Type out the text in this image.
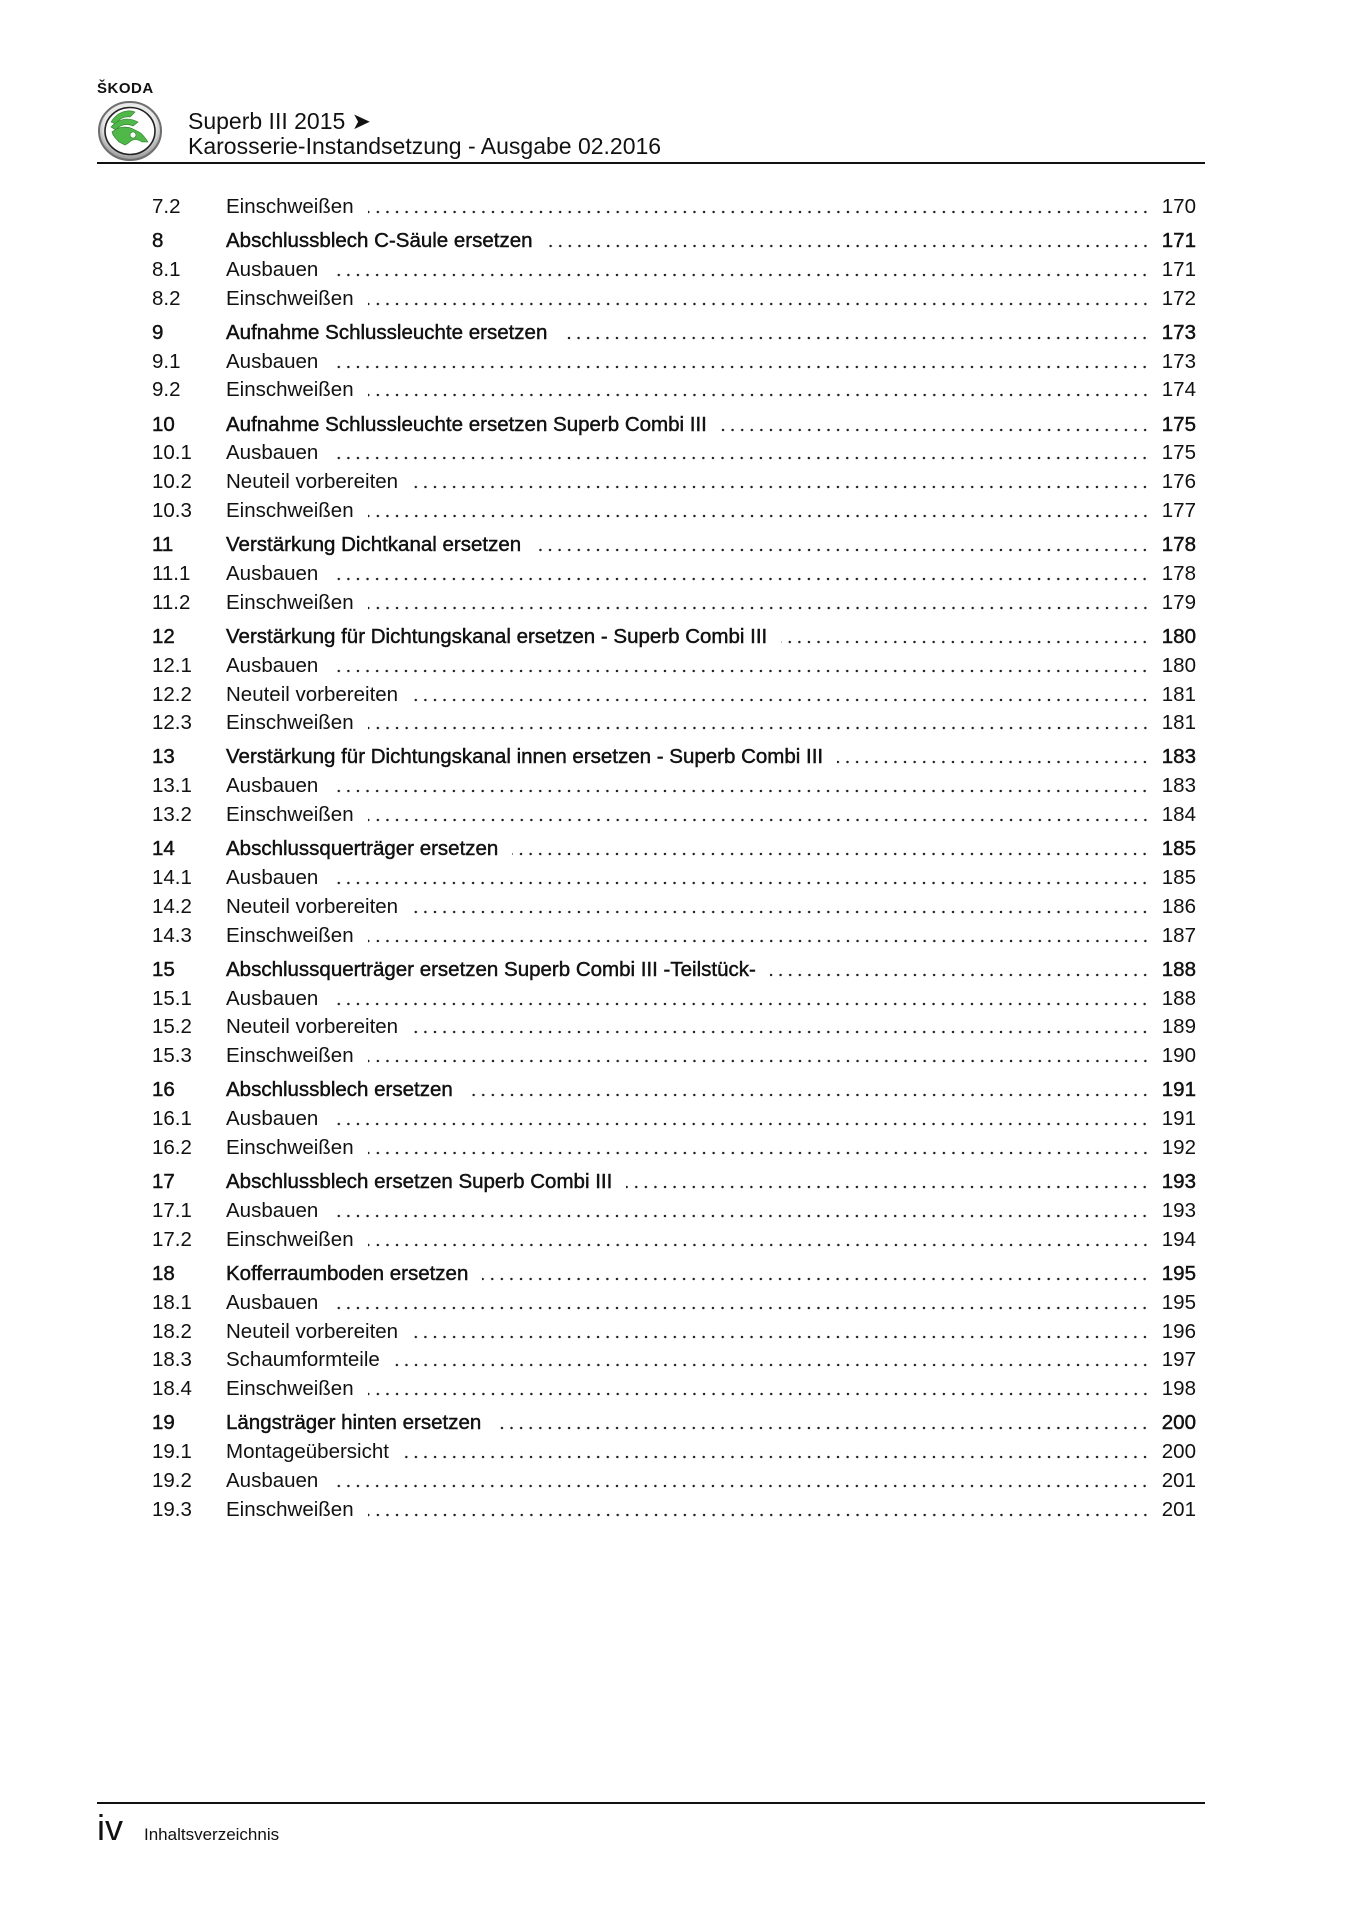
ŠKODA
Superb III 2015 ➤
Karosserie-Instandsetzung - Ausgabe 02.2016
7.2	Einschweißen	170
8	Abschlussblech C-Säule ersetzen	171
8.1	Ausbauen	171
8.2	Einschweißen	172
9	Aufnahme Schlussleuchte ersetzen	173
9.1	Ausbauen	173
9.2	Einschweißen	174
10	Aufnahme Schlussleuchte ersetzen Superb Combi III	175
10.1	Ausbauen	175
10.2	Neuteil vorbereiten	176
10.3	Einschweißen	177
11	Verstärkung Dichtkanal ersetzen	178
11.1	Ausbauen	178
11.2	Einschweißen	179
12	Verstärkung für Dichtungskanal ersetzen - Superb Combi III	180
12.1	Ausbauen	180
12.2	Neuteil vorbereiten	181
12.3	Einschweißen	181
13	Verstärkung für Dichtungskanal innen ersetzen - Superb Combi III	183
13.1	Ausbauen	183
13.2	Einschweißen	184
14	Abschlussquerträger ersetzen	185
14.1	Ausbauen	185
14.2	Neuteil vorbereiten	186
14.3	Einschweißen	187
15	Abschlussquerträger ersetzen Superb Combi III -Teilstück-	188
15.1	Ausbauen	188
15.2	Neuteil vorbereiten	189
15.3	Einschweißen	190
16	Abschlussblech ersetzen	191
16.1	Ausbauen	191
16.2	Einschweißen	192
17	Abschlussblech ersetzen Superb Combi III	193
17.1	Ausbauen	193
17.2	Einschweißen	194
18	Kofferraumboden ersetzen	195
18.1	Ausbauen	195
18.2	Neuteil vorbereiten	196
18.3	Schaumformteile	197
18.4	Einschweißen	198
19	Längsträger hinten ersetzen	200
19.1	Montageübersicht	200
19.2	Ausbauen	201
19.3	Einschweißen	201
iv Inhaltsverzeichnis
